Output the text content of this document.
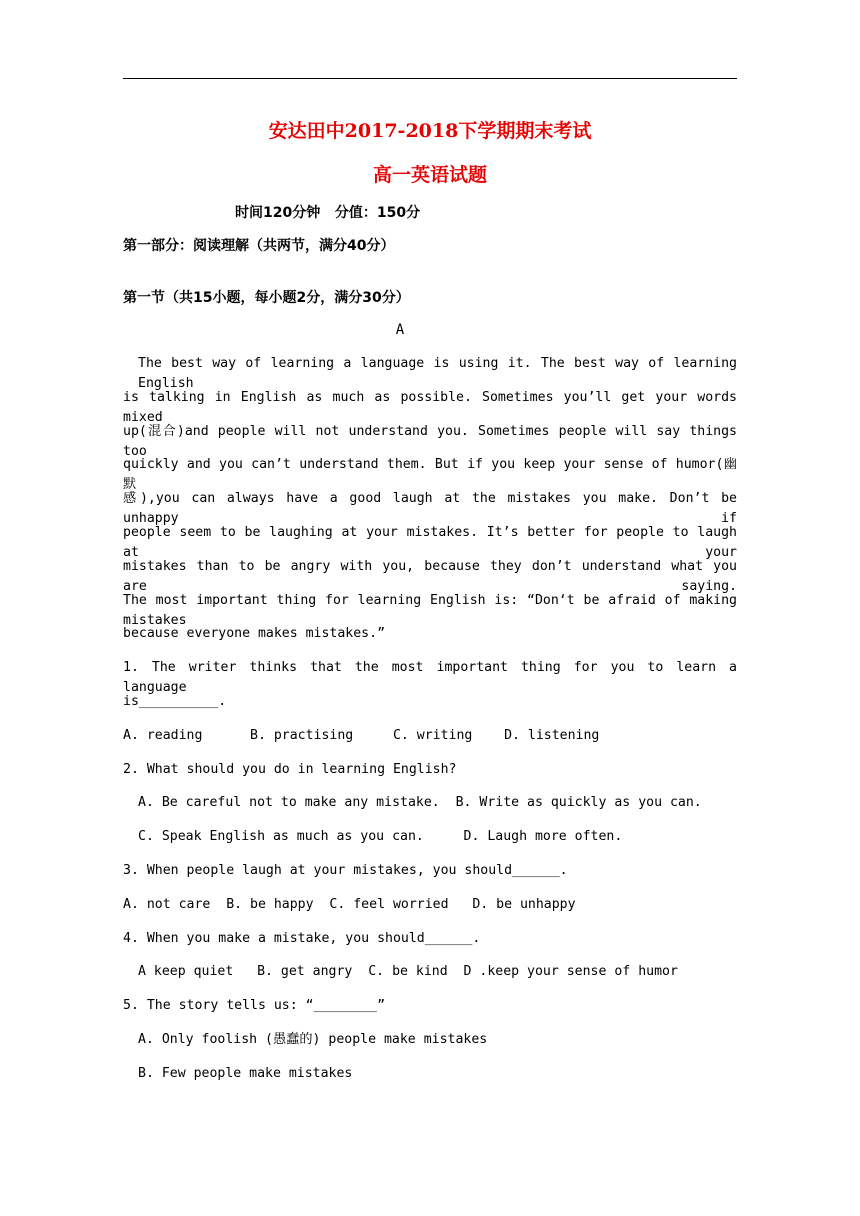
安达田中2017-2018下学期期末考试
高一英语试题
时间120分钟   分值：150分
第一部分：阅读理解（共两节，满分40分）
第一节（共15小题，每小题2分，满分30分）
A
The best way of learning a language is using it. The best way of learning English
is talking in English as much as possible. Sometimes you’ll get your words mixed
up(混合)and people will not understand you. Sometimes people will say things too
quickly and you can’t understand them. But if you keep your sense of humor(幽默
感),you can always have a good laugh at the mistakes you make. Don’t be unhappy if
people seem to be laughing at your mistakes. It’s better for people to laugh at your
mistakes than to be angry with you, because they don’t understand what you are saying.
The most important thing for learning English is: “Don‘t be afraid of making mistakes
because everyone makes mistakes.”
1. The writer thinks that the most important thing for you to learn a language
is__________.
A. reading      B. practising     C. writing    D. listening
2. What should you do in learning English?
A. Be careful not to make any mistake.  B. Write as quickly as you can.
C. Speak English as much as you can.     D. Laugh more often.
3. When people laugh at your mistakes, you should______.
A. not care  B. be happy  C. feel worried   D. be unhappy
4. When you make a mistake, you should______.
A keep quiet   B. get angry  C. be kind  D .keep your sense of humor
5. The story tells us: “________”
A. Only foolish (愚蠢的) people make mistakes
B. Few people make mistakes
